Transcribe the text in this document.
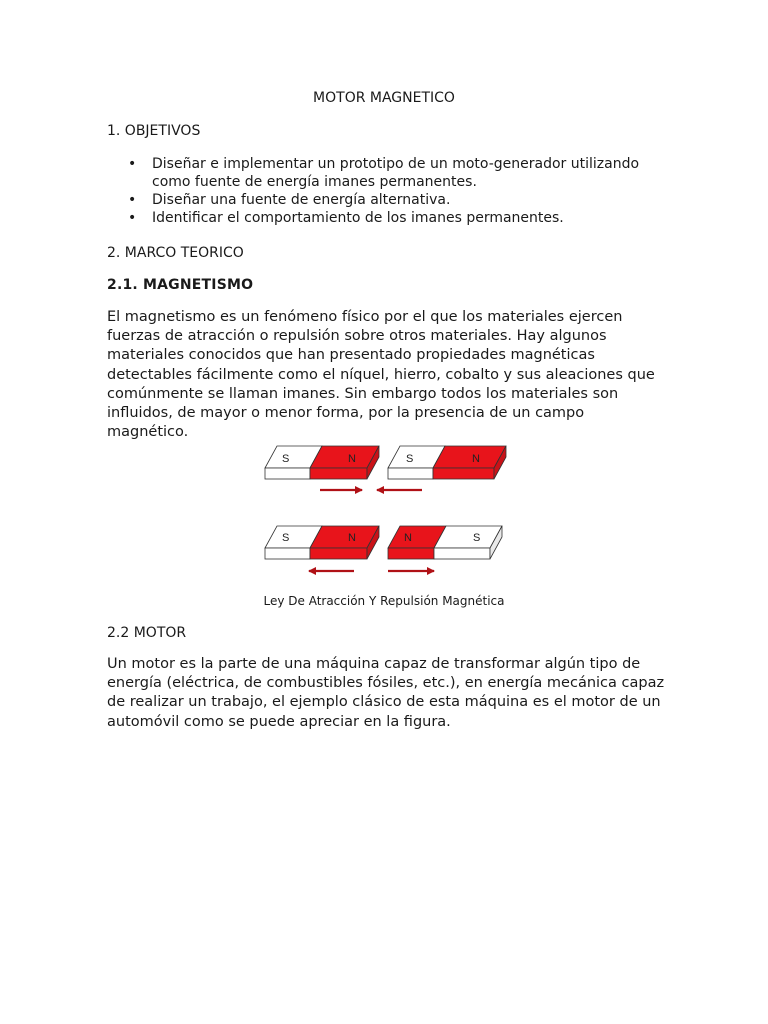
MOTOR MAGNETICO
1. OBJETIVOS
• Diseñar e implementar un prototipo de un moto-generador utilizando como fuente de energía imanes permanentes.
• Diseñar una fuente de energía alternativa.
• Identificar el comportamiento de los imanes permanentes.
2. MARCO TEORICO
2.1. MAGNETISMO

El magnetismo es un fenómeno físico por el que los materiales ejercen fuerzas de atracción o repulsión sobre otros materiales. Hay algunos materiales conocidos que han presentado propiedades magnéticas detectables fácilmente como el níquel, hierro, cobalto y sus aleaciones que comúnmente se llaman imanes. Sin embargo todos los materiales son influidos, de mayor o menor forma, por la presencia de un campo magnético.

S	N	S	N
S	N	N	S
Ley De Atracción Y Repulsión Magnética
2.2 MOTOR

Un motor es la parte de una máquina capaz de transformar algún tipo de energía (eléctrica, de combustibles fósiles, etc.), en energía mecánica capaz de realizar un trabajo, el ejemplo clásico de esta máquina es el motor de un automóvil como se puede apreciar en la figura.
